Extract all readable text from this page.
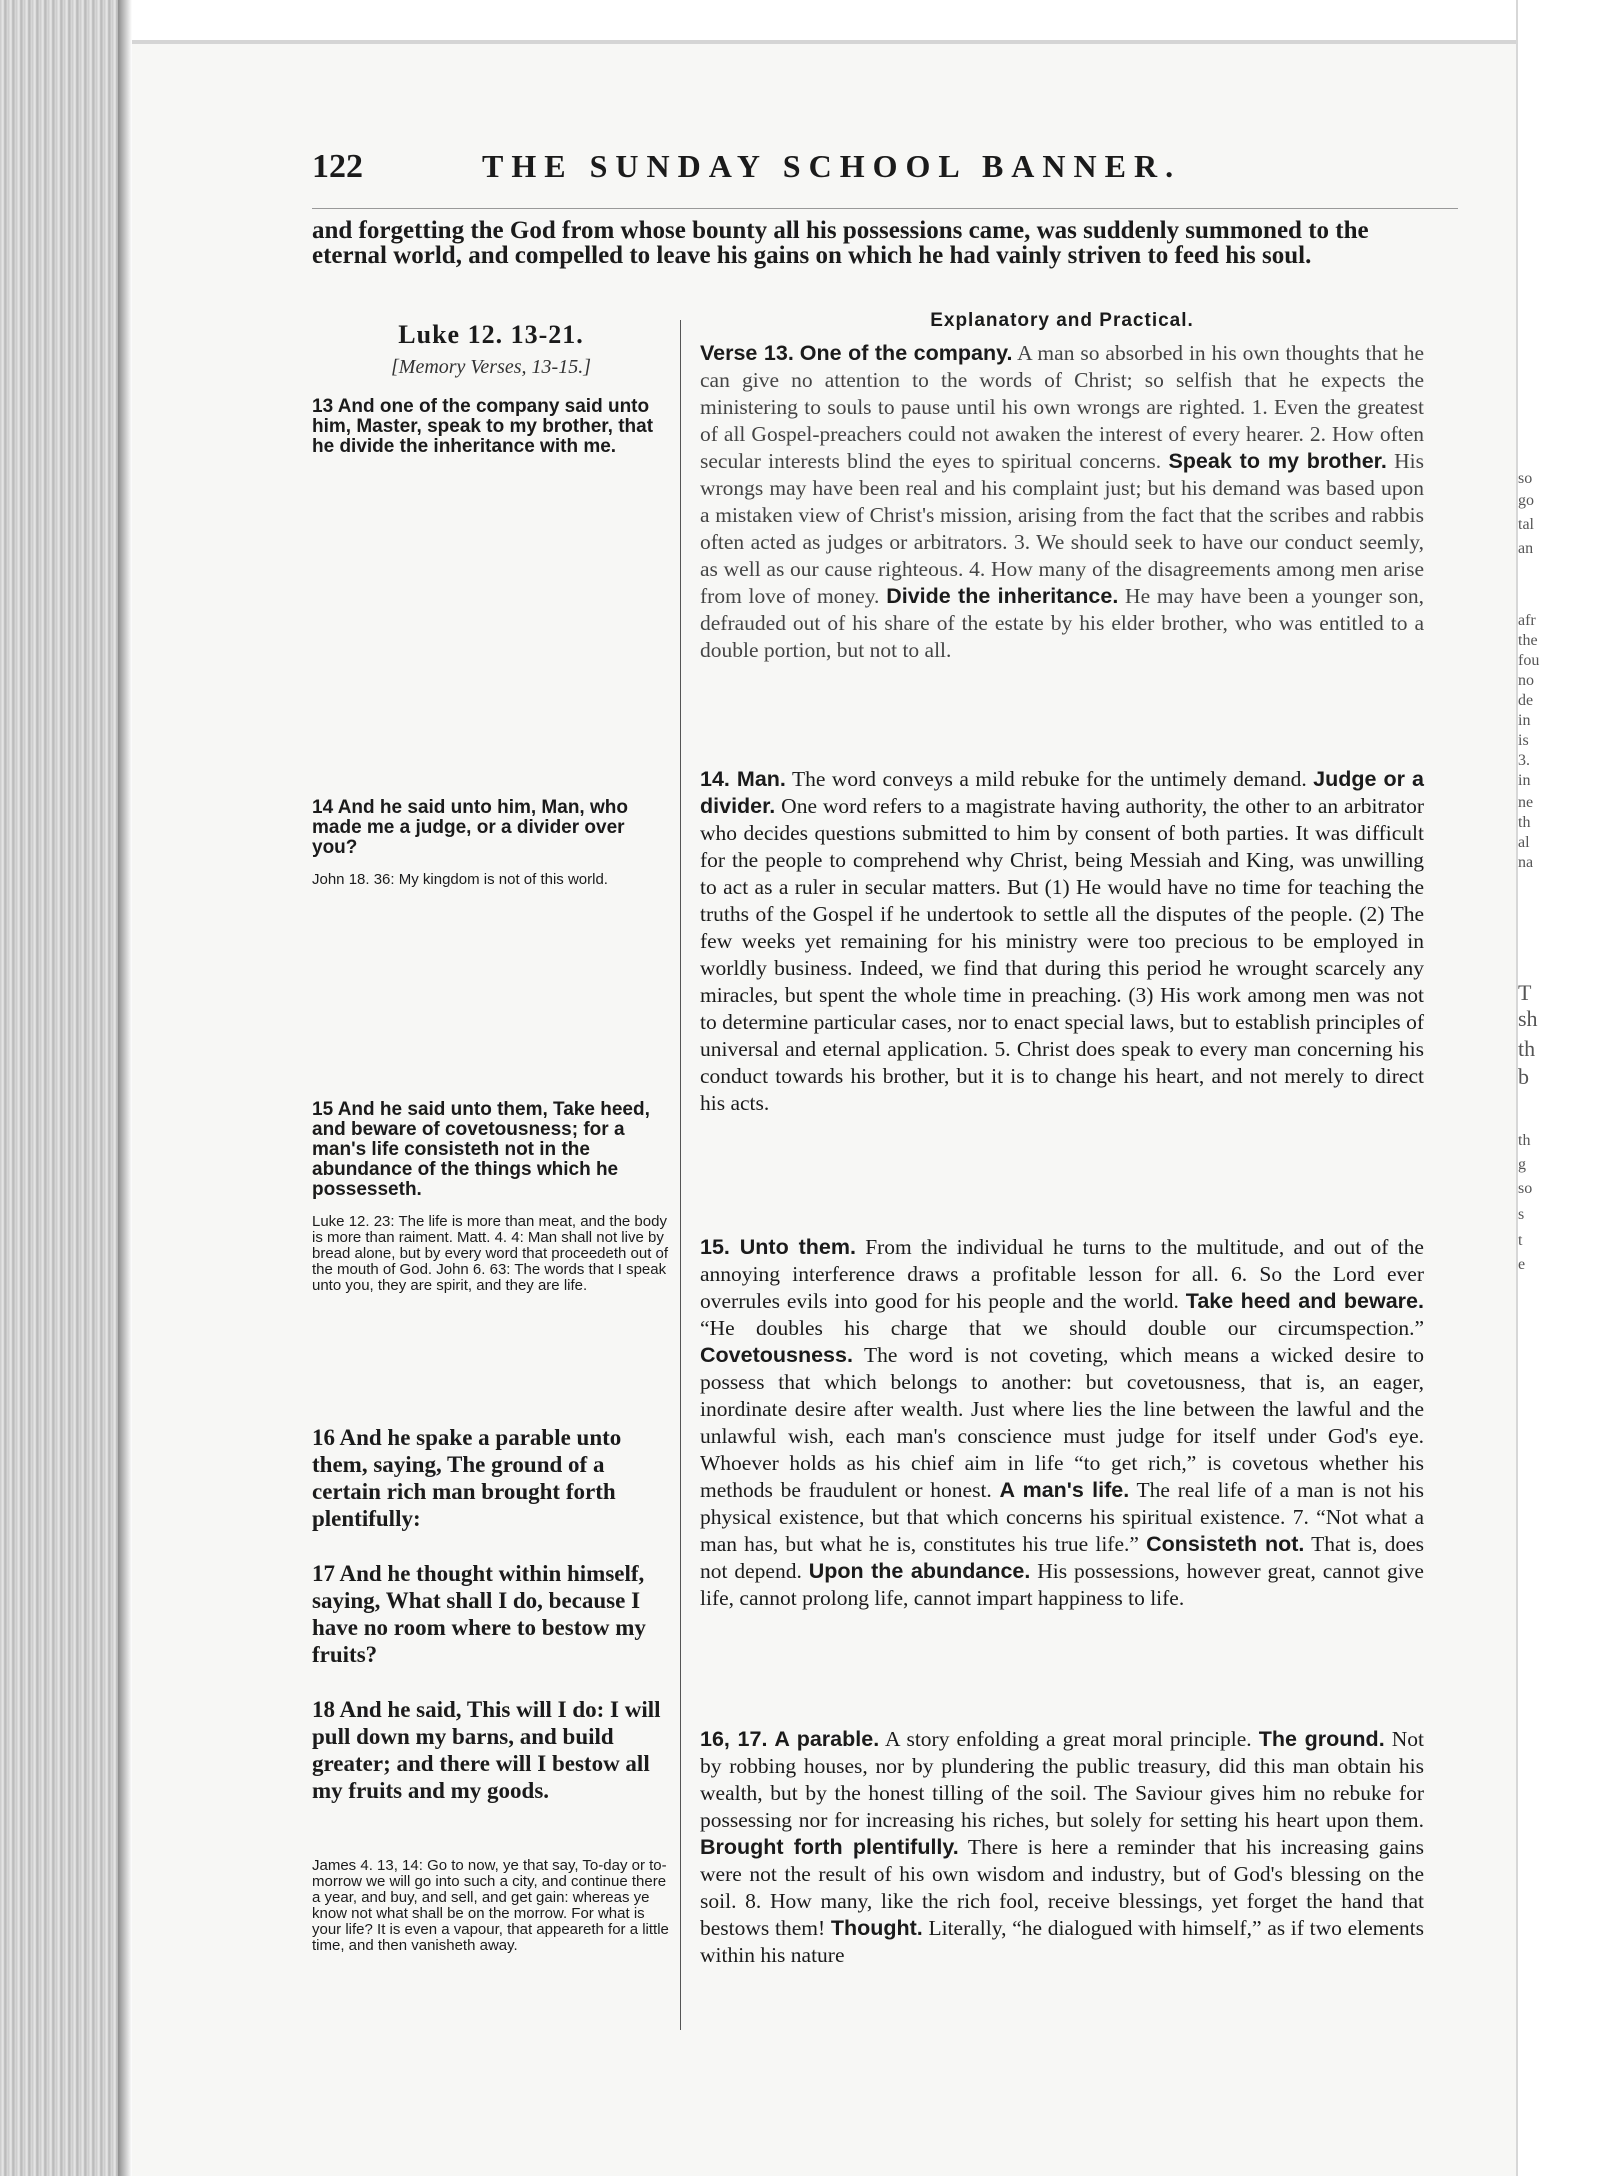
so
go
tal
an
afr
the
fou
no
de
in
is
3.
in
ne
th
al
na
T
sh
th
b
th
g
so
s
t
e
122	THE SUNDAY SCHOOL BANNER.

and forgetting the God from whose bounty all his possessions came, was suddenly summoned to the eternal world, and compelled to leave his gains on which he had vainly striven to feed his soul.

Luke 12. 13-21.

[Memory Verses, 13-15.]

13 And one of the company said unto him, Master, speak to my brother, that he divide the inheritance with me.

14 And he said unto him, Man, who made me a judge, or a divider over you?

John 18. 36: My kingdom is not of this world.

15 And he said unto them, Take heed, and beware of covetousness; for a man's life consisteth not in the abundance of the things which he possesseth.

Luke 12. 23: The life is more than meat, and the body is more than raiment. Matt. 4. 4: Man shall not live by bread alone, but by every word that proceedeth out of the mouth of God. John 6. 63: The words that I speak unto you, they are spirit, and they are life.

16 And he spake a parable unto them, saying, The ground of a certain rich man brought forth plentifully:

17 And he thought within himself, saying, What shall I do, because I have no room where to bestow my fruits?

18 And he said, This will I do: I will pull down my barns, and build greater; and there will I bestow all my fruits and my goods.

James 4. 13, 14: Go to now, ye that say, To-day or to-morrow we will go into such a city, and continue there a year, and buy, and sell, and get gain: whereas ye know not what shall be on the morrow. For what is your life? It is even a vapour, that appeareth for a little time, and then vanisheth away.

Explanatory and Practical.

Verse 13. One of the company. A man so absorbed in his own thoughts that he can give no attention to the words of Christ; so selfish that he expects the ministering to souls to pause until his own wrongs are righted. 1. Even the greatest of all Gospel-preachers could not awaken the interest of every hearer. 2. How often secular interests blind the eyes to spiritual concerns. Speak to my brother. His wrongs may have been real and his complaint just; but his demand was based upon a mistaken view of Christ's mission, arising from the fact that the scribes and rabbis often acted as judges or arbitrators. 3. We should seek to have our conduct seemly, as well as our cause righteous. 4. How many of the disagreements among men arise from love of money. Divide the inheritance. He may have been a younger son, defrauded out of his share of the estate by his elder brother, who was entitled to a double portion, but not to all.

14. Man. The word conveys a mild rebuke for the untimely demand. Judge or a divider. One word refers to a magistrate having authority, the other to an arbitrator who decides questions submitted to him by consent of both parties. It was difficult for the people to comprehend why Christ, being Messiah and King, was unwilling to act as a ruler in secular matters. But (1) He would have no time for teaching the truths of the Gospel if he undertook to settle all the disputes of the people. (2) The few weeks yet remaining for his ministry were too precious to be employed in worldly business. Indeed, we find that during this period he wrought scarcely any miracles, but spent the whole time in preaching. (3) His work among men was not to determine particular cases, nor to enact special laws, but to establish principles of universal and eternal application. 5. Christ does speak to every man concerning his conduct towards his brother, but it is to change his heart, and not merely to direct his acts.

15. Unto them. From the individual he turns to the multitude, and out of the annoying interference draws a profitable lesson for all. 6. So the Lord ever overrules evils into good for his people and the world. Take heed and beware. “He doubles his charge that we should double our circumspection.” Covetousness. The word is not coveting, which means a wicked desire to possess that which belongs to another: but covetousness, that is, an eager, inordinate desire after wealth. Just where lies the line between the lawful and the unlawful wish, each man's conscience must judge for itself under God's eye. Whoever holds as his chief aim in life “to get rich,” is covetous whether his methods be fraudulent or honest. A man's life. The real life of a man is not his physical existence, but that which concerns his spiritual existence. 7. “Not what a man has, but what he is, constitutes his true life.” Consisteth not. That is, does not depend. Upon the abundance. His possessions, however great, cannot give life, cannot prolong life, cannot impart happiness to life.

16, 17. A parable. A story enfolding a great moral principle. The ground. Not by robbing houses, nor by plundering the public treasury, did this man obtain his wealth, but by the honest tilling of the soil. The Saviour gives him no rebuke for possessing nor for increasing his riches, but solely for setting his heart upon them. Brought forth plentifully. There is here a reminder that his increasing gains were not the result of his own wisdom and industry, but of God's blessing on the soil. 8. How many, like the rich fool, receive blessings, yet forget the hand that bestows them! Thought. Literally, “he dialogued with himself,” as if two elements within his nature
